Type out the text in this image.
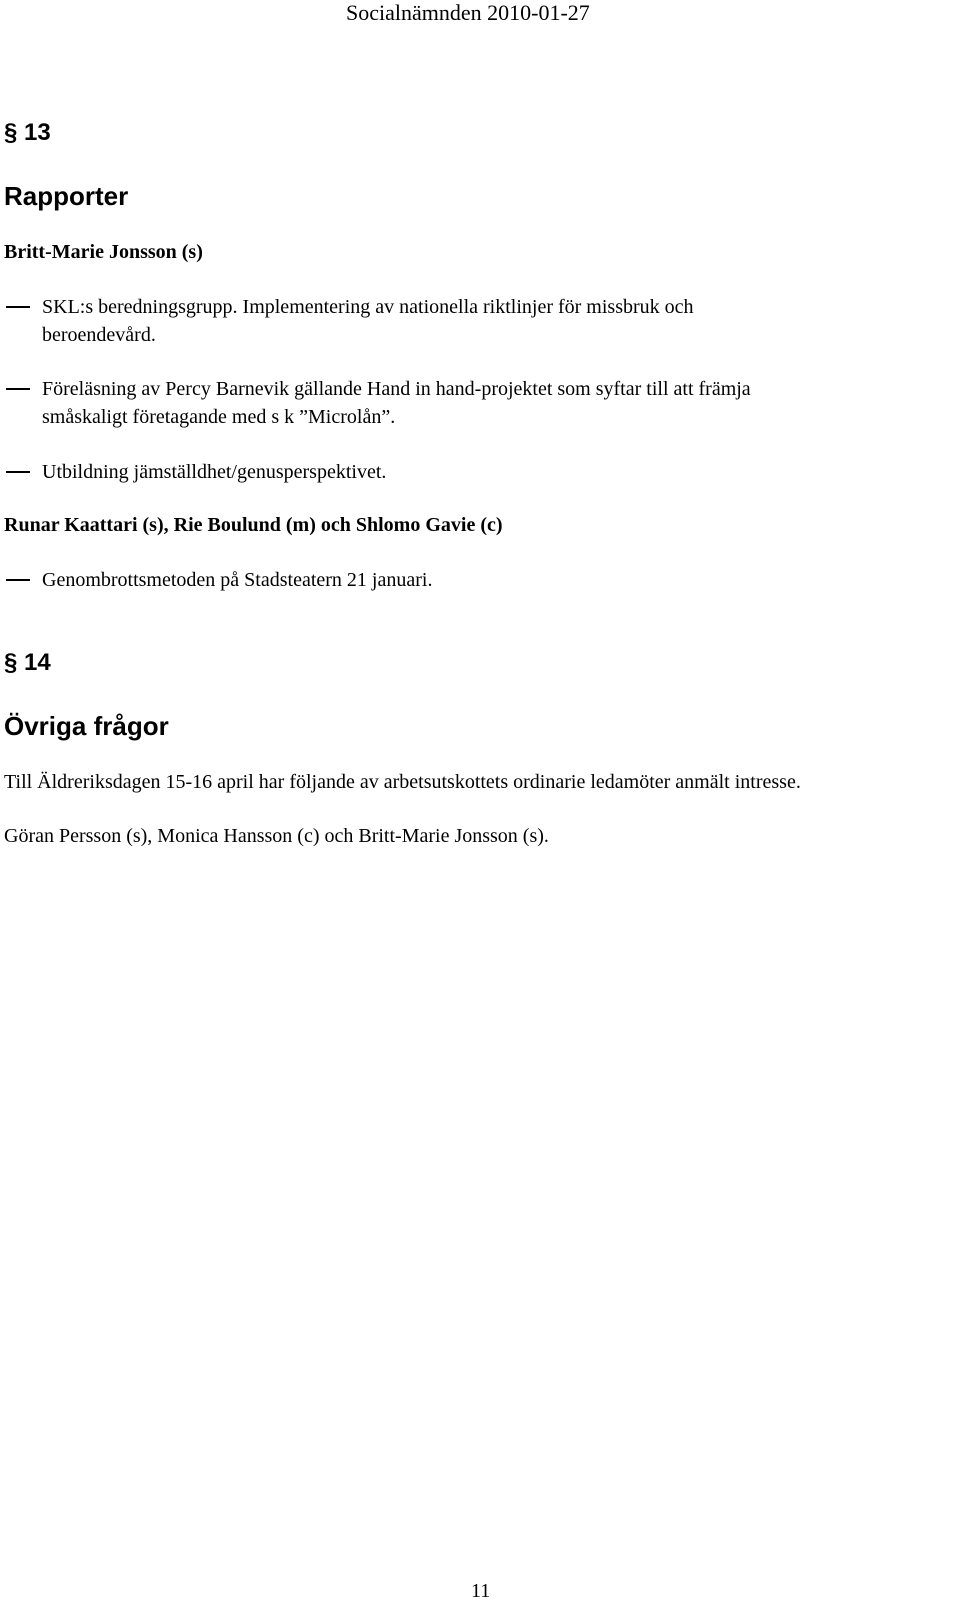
Socialnämnden 2010-01-27
§ 13
Rapporter
Britt-Marie Jonsson (s)
SKL:s beredningsgrupp. Implementering av nationella riktlinjer för missbruk och
beroendevård.
Föreläsning av Percy Barnevik gällande Hand in hand-projektet som syftar till att främja
småskaligt företagande med s k ”Microlån”.
Utbildning jämställdhet/genusperspektivet.
Runar Kaattari (s), Rie Boulund (m) och Shlomo Gavie (c)
Genombrottsmetoden på Stadsteatern 21 januari.
§ 14
Övriga frågor
Till Äldreriksdagen 15-16 april har följande av arbetsutskottets ordinarie ledamöter anmält intresse.
Göran Persson (s), Monica Hansson (c) och Britt-Marie Jonsson (s).
11
